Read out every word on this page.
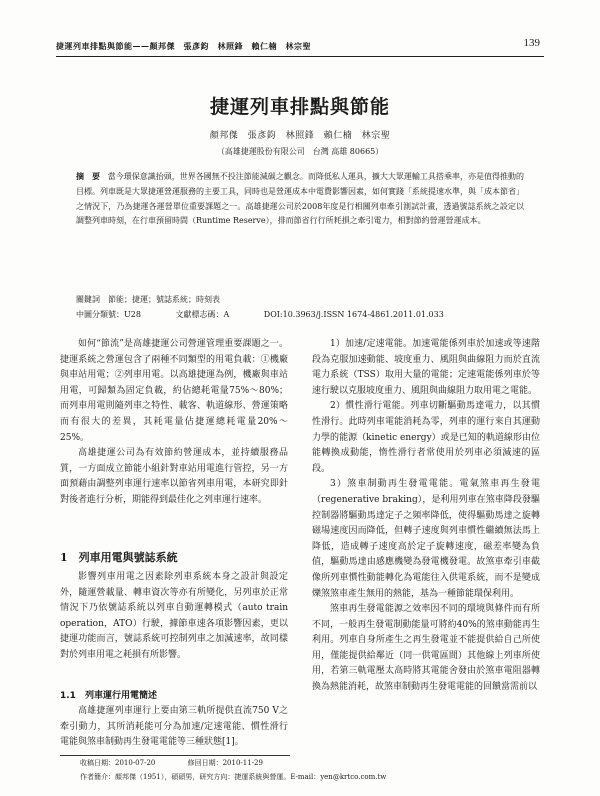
捷運列車排點與節能——顏邦傑　張彥鈞　林照鋒　賴仁楠　林宗聖	139
捷運列車排點與節能
顏邦傑　張彥鈞　林照鋒　賴仁楠　林宗聖
（高雄捷運股份有限公司　台灣 高雄 80665）
摘　要 當今環保意識抬頭，世界各國無不投注節能減碳之觀念。而降低私人運具，擴大大眾運輸工具搭乘率，亦是值得推動的目標。列車既是大眾捷運營運服務的主要工具，同時也是營運成本中電費影響因素，如何實踐「系統提速水準，與「成本節省」之情況下，乃為捷運各運營單位重要課題之一。高雄捷運公司於2008年度是行相關列車牽引測試計畫，透過號誌系統之設定以調整列車時刻，在行車預留時間（Runtime Reserve），排而節省行行所耗損之牽引電力，相對節約營運營運成本。
關鍵詞　節能；捷運；號誌系統；時刻表
中圖分類號：U28	文獻標志碼：A	DOI:10.3963/j.ISSN 1674-4861.2011.01.033

如何“節流”是高雄捷運公司營運管理重要課題之一。捷運系統之營運包含了兩種不同類型的用電負載：①機廠與車站用電；②列車用電。以高雄捷運為例，機廠與車站用電，可歸類為固定負載，約佔總耗電量75%～80%；而列車用電則隨列車之特性、載客、軌道線形、營運策略而有很大的差異，其耗電量佔捷運總耗電量20%～25%。

高雄捷運公司為有效節約營運成本，並持續服務品質，一方面成立節能小組針對車站用電進行管控，另一方面預藉由調整列車運行速率以節省列車用電，本研究即針對後者進行分析，期能得到最佳化之列車運行速率。

1　列車用電與號誌系統

影響列車用電之因素除列車系統本身之設計與設定外，隨運營載量、轉車資次等亦有所變化，另列車於正常情況下乃依號誌系統以列車自動運轉模式（auto train operation，ATO）行駛，據節車速各項影響因素，更以捷運功能而言，號誌系統可控制列車之加減速率，故同樣對於列車用電之耗損有所影響。

1.1　列車運行用電簡述

高雄捷運列車運行上要由第三軌所提供直流750 V之牽引動力，其所消耗能可分為加速/定速電能、慣性滑行電能與煞車制動再生發電電能等三種狀態[1]。

1）加速/定速電能。加速電能係列車於加速或等速階段為克服加速動能、坡度重力、風阻與曲線阻力而於直流電力系統（TSS）取用大量的電能；定速電能係列車於等速行駛以克服坡度重力、風阻與曲線阻力取用電之電能。

2）慣性滑行電能。列車切斷驅動馬達電力，以其慣性滑行。此時列車電能消耗為零，列車的運行來自其運動力學的能源（kinetic energy）或是已知的軌道線形由位能轉換成動能，惰性滑行者常使用於列車必須減速的區段。

3）煞車制動再生發電電能。電氣煞車再生發電（regenerative braking），是利用列車在煞車降段發驅控制器將驅動馬達定子之頻率降低，使得驅動馬達之旋轉磁場速度因而降低，但轉子速度與列車慣性繼續無法馬上降低，造成轉子速度高於定子旋轉速度，磁差率變為負值，驅動馬達由感應機變為發電機發電。故煞車牽引車截像所列車慣性動能轉化為電能往入供電系統，而不是變成爍煞煞車產生無用的熱能，基為一種節能環保利用。

煞車再生發電能源之效率因不同的環境與條件而有所不同，一般再生發電制動能量可將約40%的煞車動能再生利用。列車自身所產生之再生發電並不能提供給自己所使用，僅能提供給鄰近（同一供電區間）其他線上列車所使用，若第三軌電壓太高時將其電能舍發由於煞車電阻器轉換為熱能消耗，故煞車制動再生發電電能的回饋當需前以

收稿日期：2010-07-20	修回日期：2010-11-29
作者簡介：顏邦傑（1951），碩碩男，研究方向：捷運系統與營運。E-mail：yen@krtco.com.tw
